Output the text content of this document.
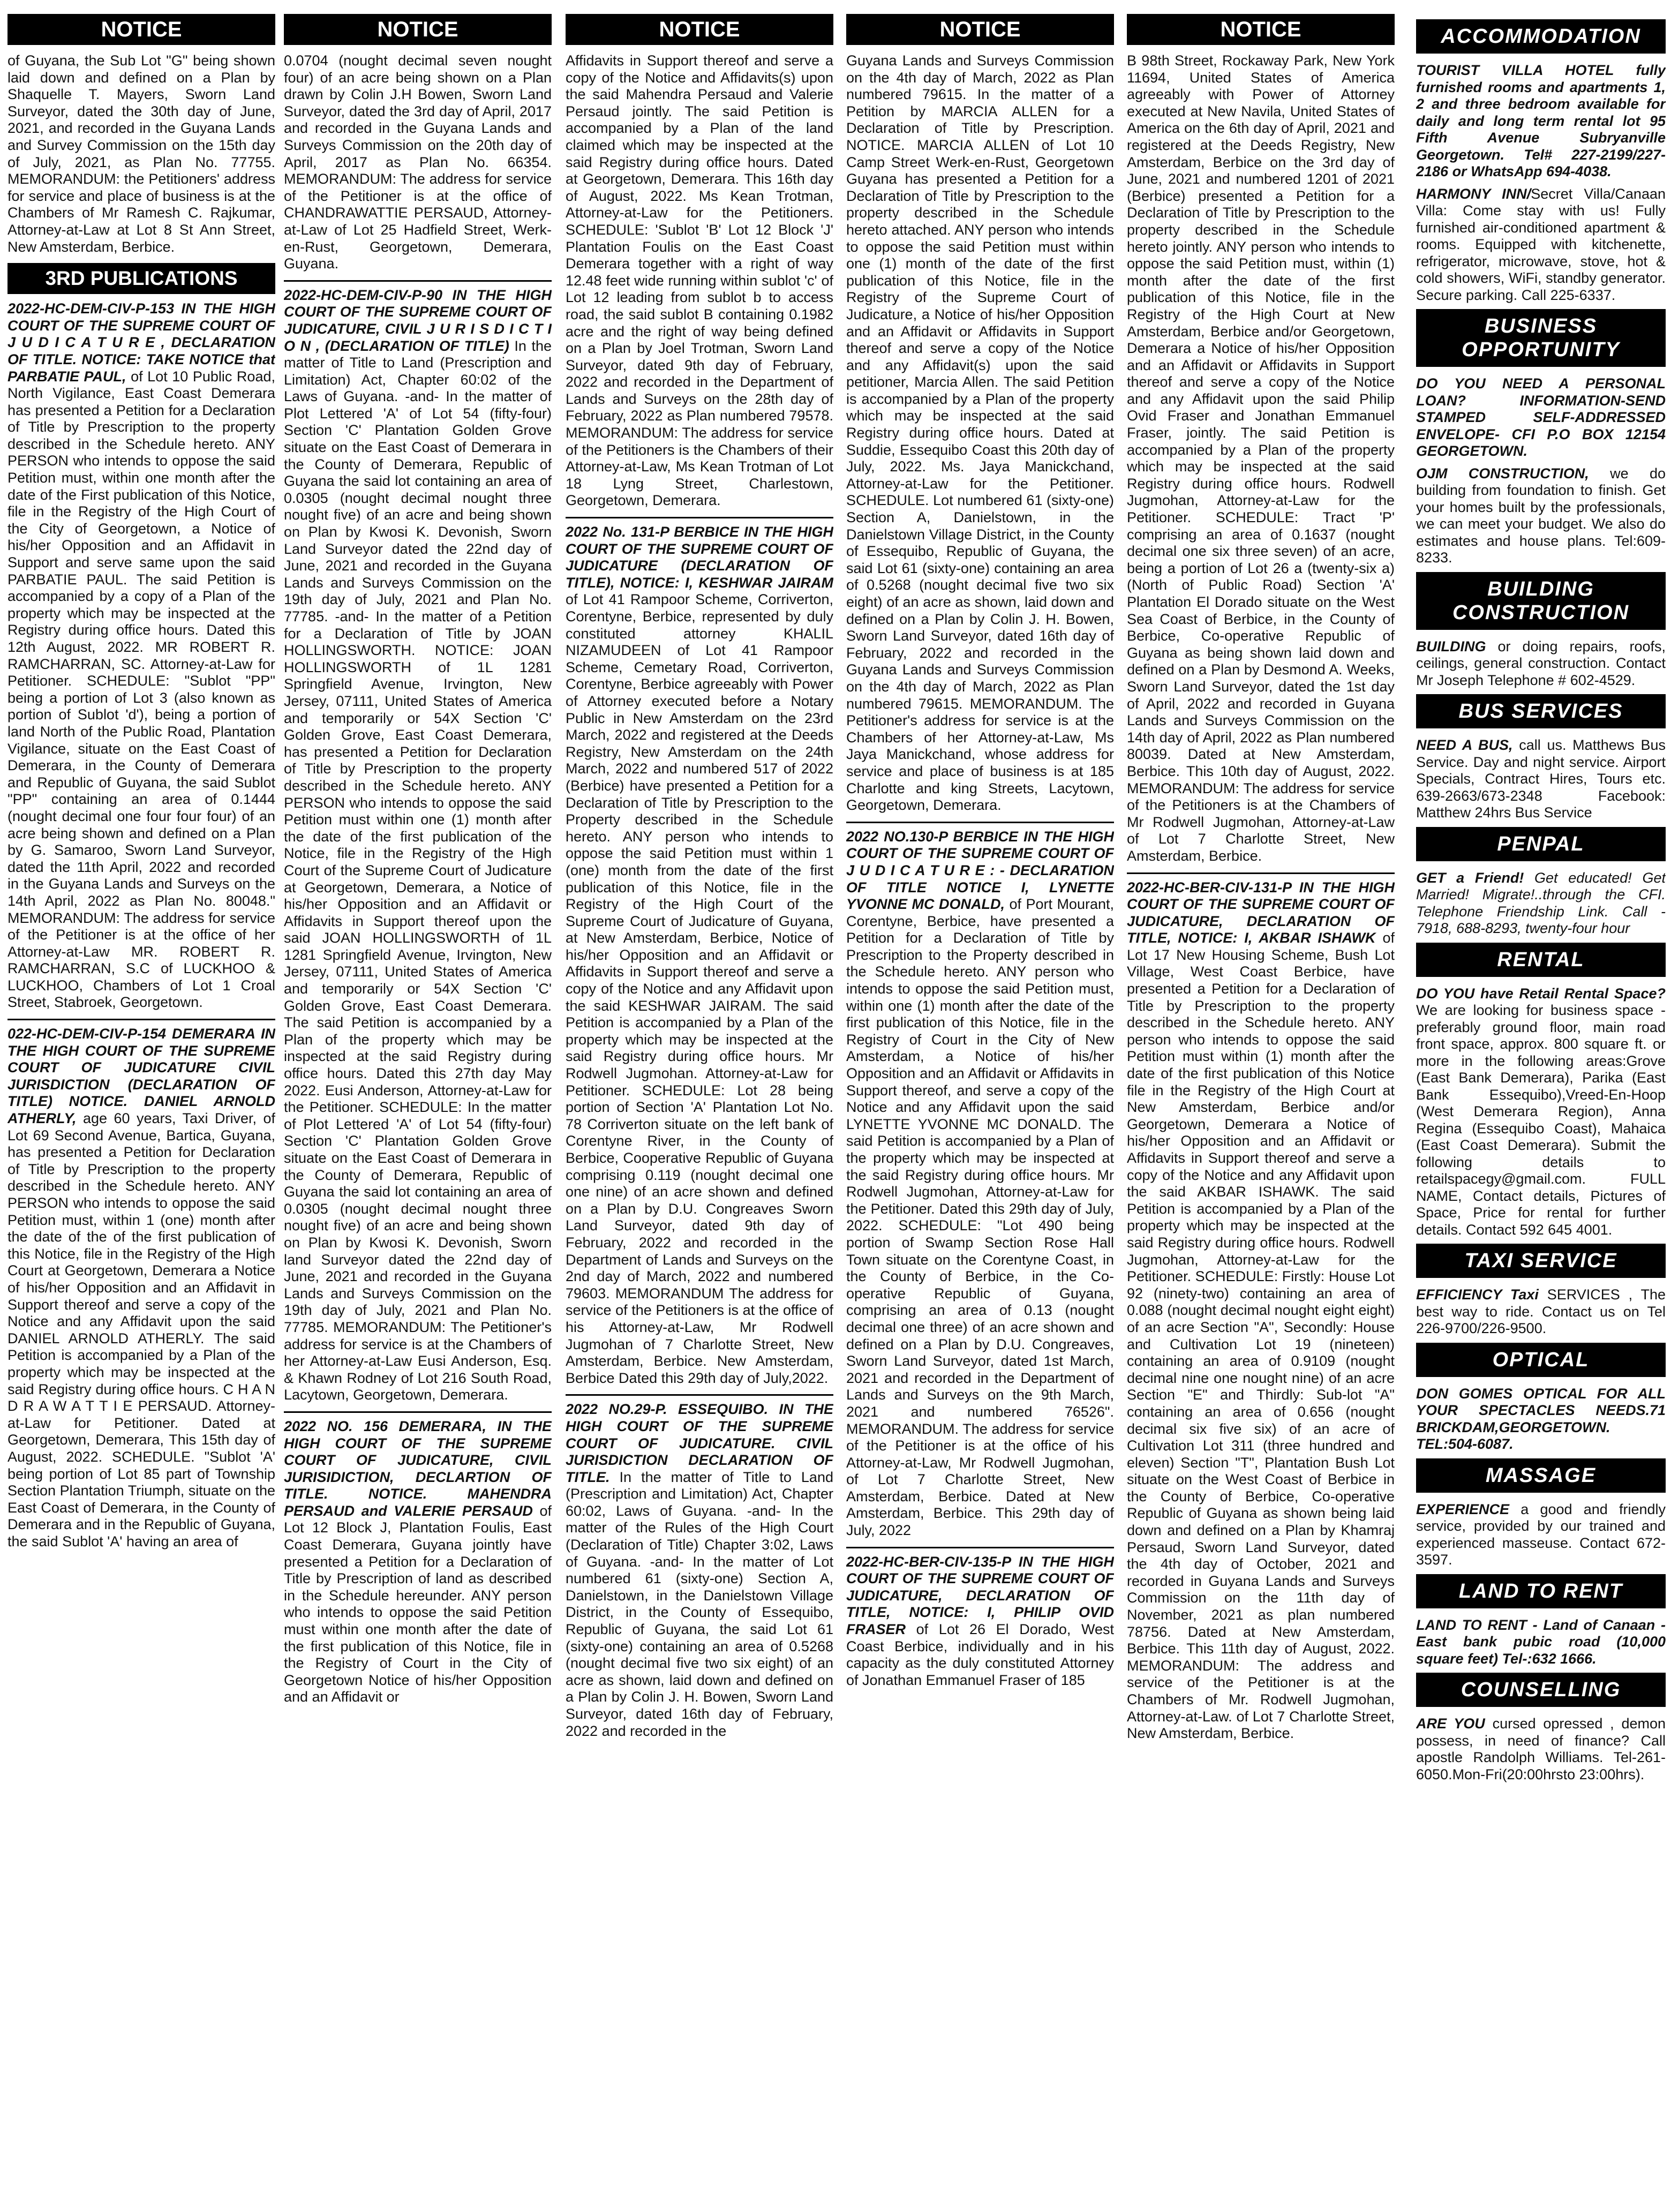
NOTICE

of Guyana, the Sub Lot "G" being shown laid down and defined on a Plan by Shaquelle T. Mayers, Sworn Land Surveyor, dated the 30th day of June, 2021, and recorded in the Guyana Lands and Survey Commission on the 15th day of July, 2021, as Plan No. 77755. MEMORANDUM: the Petitioners' address for service and place of business is at the Chambers of Mr Ramesh C. Rajkumar, Attorney-at-Law at Lot 8 St Ann Street, New Amsterdam, Berbice.

3RD PUBLICATIONS

2022-HC-DEM-CIV-P-153 IN THE HIGH COURT OF THE SUPREME COURT OF J U D I C A T U R E , DECLARATION OF TITLE. NOTICE: TAKE NOTICE that PARBATIE PAUL, of Lot 10 Public Road, North Vigilance, East Coast Demerara has presented a Petition for a Declaration of Title by Prescription to the property described in the Schedule hereto. ANY PERSON who intends to oppose the said Petition must, within one month after the date of the First publication of this Notice, file in the Registry of the High Court of the City of Georgetown, a Notice of his/her Opposition and an Affidavit in Support and serve same upon the said PARBATIE PAUL. The said Petition is accompanied by a copy of a Plan of the property which may be inspected at the Registry during office hours. Dated this 12th August, 2022. MR ROBERT R. RAMCHARRAN, SC. Attorney-at-Law for Petitioner. SCHEDULE: "Sublot "PP" being a portion of Lot 3 (also known as portion of Sublot 'd'), being a portion of land North of the Public Road, Plantation Vigilance, situate on the East Coast of Demerara, in the County of Demerara and Republic of Guyana, the said Sublot "PP" containing an area of 0.1444 (nought decimal one four four four) of an acre being shown and defined on a Plan by G. Samaroo, Sworn Land Surveyor, dated the 11th April, 2022 and recorded in the Guyana Lands and Surveys on the 14th April, 2022 as Plan No. 80048." MEMORANDUM: The address for service of the Petitioner is at the office of her Attorney-at-Law MR. ROBERT R. RAMCHARRAN, S.C of LUCKHOO & LUCKHOO, Chambers of Lot 1 Croal Street, Stabroek, Georgetown.

022-HC-DEM-CIV-P-154 DEMERARA IN THE HIGH COURT OF THE SUPREME COURT OF JUDICATURE CIVIL JURISDICTION (DECLARATION OF TITLE) NOTICE. DANIEL ARNOLD ATHERLY, age 60 years, Taxi Driver, of Lot 69 Second Avenue, Bartica, Guyana, has presented a Petition for Declaration of Title by Prescription to the property described in the Schedule hereto. ANY PERSON who intends to oppose the said Petition must, within 1 (one) month after the date of the of the first publication of this Notice, file in the Registry of the High Court at Georgetown, Demerara a Notice of his/her Opposition and an Affidavit in Support thereof and serve a copy of the Notice and any Affidavit upon the said DANIEL ARNOLD ATHERLY. The said Petition is accompanied by a Plan of the property which may be inspected at the said Registry during office hours. C H A N D R A W A T T I E PERSAUD. Attorney-at-Law for Petitioner. Dated at Georgetown, Demerara, This 15th day of August, 2022. SCHEDULE. "Sublot 'A' being portion of Lot 85 part of Township Section Plantation Triumph, situate on the East Coast of Demerara, in the County of Demerara and in the Republic of Guyana, the said Sublot 'A' having an area of

NOTICE

0.0704 (nought decimal seven nought four) of an acre being shown on a Plan drawn by Colin J.H Bowen, Sworn Land Surveyor, dated the 3rd day of April, 2017 and recorded in the Guyana Lands and Surveys Commission on the 20th day of April, 2017 as Plan No. 66354. MEMORANDUM: The address for service of the Petitioner is at the office of CHANDRAWATTIE PERSAUD, Attorney-at-Law of Lot 25 Hadfield Street, Werk-en-Rust, Georgetown, Demerara, Guyana.

2022-HC-DEM-CIV-P-90 IN THE HIGH COURT OF THE SUPREME COURT OF JUDICATURE, CIVIL J U R I S D I C T I O N , (DECLARATION OF TITLE) In the matter of Title to Land (Prescription and Limitation) Act, Chapter 60:02 of the Laws of Guyana. -and- In the matter of Plot Lettered 'A' of Lot 54 (fifty-four) Section 'C' Plantation Golden Grove situate on the East Coast of Demerara in the County of Demerara, Republic of Guyana the said lot containing an area of 0.0305 (nought decimal nought three nought five) of an acre and being shown on Plan by Kwosi K. Devonish, Sworn Land Surveyor dated the 22nd day of June, 2021 and recorded in the Guyana Lands and Surveys Commission on the 19th day of July, 2021 and Plan No. 77785. -and- In the matter of a Petition for a Declaration of Title by JOAN HOLLINGSWORTH. NOTICE: JOAN HOLLINGSWORTH of 1L 1281 Springfield Avenue, Irvington, New Jersey, 07111, United States of America and temporarily or 54X Section 'C' Golden Grove, East Coast Demerara, has presented a Petition for Declaration of Title by Prescription to the property described in the Schedule hereto. ANY PERSON who intends to oppose the said Petition must within one (1) month after the date of the first publication of the Notice, file in the Registry of the High Court of the Supreme Court of Judicature at Georgetown, Demerara, a Notice of his/her Opposition and an Affidavit or Affidavits in Support thereof upon the said JOAN HOLLINGSWORTH of 1L 1281 Springfield Avenue, Irvington, New Jersey, 07111, United States of America and temporarily or 54X Section 'C' Golden Grove, East Coast Demerara. The said Petition is accompanied by a Plan of the property which may be inspected at the said Registry during office hours. Dated this 27th day May 2022. Eusi Anderson, Attorney-at-Law for the Petitioner. SCHEDULE: In the matter of Plot Lettered 'A' of Lot 54 (fifty-four) Section 'C' Plantation Golden Grove situate on the East Coast of Demerara in the County of Demerara, Republic of Guyana the said lot containing an area of 0.0305 (nought decimal nought three nought five) of an acre and being shown on Plan by Kwosi K. Devonish, Sworn land Surveyor dated the 22nd day of June, 2021 and recorded in the Guyana Lands and Surveys Commission on the 19th day of July, 2021 and Plan No. 77785. MEMORANDUM: The Petitioner's address for service is at the Chambers of her Attorney-at-Law Eusi Anderson, Esq. & Khawn Rodney of Lot 216 South Road, Lacytown, Georgetown, Demerara.

2022 NO. 156 DEMERARA, IN THE HIGH COURT OF THE SUPREME COURT OF JUDICATURE, CIVIL JURISIDICTION, DECLARTION OF TITLE. NOTICE. MAHENDRA PERSAUD and VALERIE PERSAUD of Lot 12 Block J, Plantation Foulis, East Coast Demerara, Guyana jointly have presented a Petition for a Declaration of Title by Prescription of land as described in the Schedule hereunder. ANY person who intends to oppose the said Petition must within one month after the date of the first publication of this Notice, file in the Registry of Court in the City of Georgetown Notice of his/her Opposition and an Affidavit or

NOTICE

Affidavits in Support thereof and serve a copy of the Notice and Affidavits(s) upon the said Mahendra Persaud and Valerie Persaud jointly. The said Petition is accompanied by a Plan of the land claimed which may be inspected at the said Registry during office hours. Dated at Georgetown, Demerara. This 16th day of August, 2022. Ms Kean Trotman, Attorney-at-Law for the Petitioners. SCHEDULE: 'Sublot 'B' Lot 12 Block 'J' Plantation Foulis on the East Coast Demerara together with a right of way 12.48 feet wide running within sublot 'c' of Lot 12 leading from sublot b to access road, the said sublot B containing 0.1982 acre and the right of way being defined on a Plan by Joel Trotman, Sworn Land Surveyor, dated 9th day of February, 2022 and recorded in the Department of Lands and Surveys on the 28th day of February, 2022 as Plan numbered 79578. MEMORANDUM: The address for service of the Petitioners is the Chambers of their Attorney-at-Law, Ms Kean Trotman of Lot 18 Lyng Street, Charlestown, Georgetown, Demerara.

2022 No. 131-P BERBICE IN THE HIGH COURT OF THE SUPREME COURT OF JUDICATURE (DECLARATION OF TITLE), NOTICE: I, KESHWAR JAIRAM of Lot 41 Rampoor Scheme, Corriverton, Corentyne, Berbice, represented by duly constituted attorney KHALIL NIZAMUDEEN of Lot 41 Rampoor Scheme, Cemetary Road, Corriverton, Corentyne, Berbice agreeably with Power of Attorney executed before a Notary Public in New Amsterdam on the 23rd March, 2022 and registered at the Deeds Registry, New Amsterdam on the 24th March, 2022 and numbered 517 of 2022 (Berbice) have presented a Petition for a Declaration of Title by Prescription to the Property described in the Schedule hereto. ANY person who intends to oppose the said Petition must within 1 (one) month from the date of the first publication of this Notice, file in the Registry of the High Court of the Supreme Court of Judicature of Guyana, at New Amsterdam, Berbice, Notice of his/her Opposition and an Affidavit or Affidavits in Support thereof and serve a copy of the Notice and any Affidavit upon the said KESHWAR JAIRAM. The said Petition is accompanied by a Plan of the property which may be inspected at the said Registry during office hours. Mr Rodwell Jugmohan. Attorney-at-Law for Petitioner. SCHEDULE: Lot 28 being portion of Section 'A' Plantation Lot No. 78 Corriverton situate on the left bank of Corentyne River, in the County of Berbice, Cooperative Republic of Guyana comprising 0.119 (nought decimal one one nine) of an acre shown and defined on a Plan by D.U. Congreaves Sworn Land Surveyor, dated 9th day of February, 2022 and recorded in the Department of Lands and Surveys on the 2nd day of March, 2022 and numbered 79603. MEMORANDUM The address for service of the Petitioners is at the office of his Attorney-at-Law, Mr Rodwell Jugmohan of 7 Charlotte Street, New Amsterdam, Berbice. New Amsterdam, Berbice Dated this 29th day of July,2022.

2022 NO.29-P. ESSEQUIBO. IN THE HIGH COURT OF THE SUPREME COURT OF JUDICATURE. CIVIL JURISDICTION DECLARATION OF TITLE. In the matter of Title to Land (Prescription and Limitation) Act, Chapter 60:02, Laws of Guyana. -and- In the matter of the Rules of the High Court (Declaration of Title) Chapter 3:02, Laws of Guyana. -and- In the matter of Lot numbered 61 (sixty-one) Section A, Danielstown, in the Danielstown Village District, in the County of Essequibo, Republic of Guyana, the said Lot 61 (sixty-one) containing an area of 0.5268 (nought decimal five two six eight) of an acre as shown, laid down and defined on a Plan by Colin J. H. Bowen, Sworn Land Surveyor, dated 16th day of February, 2022 and recorded in the

NOTICE

Guyana Lands and Surveys Commission on the 4th day of March, 2022 as Plan numbered 79615. In the matter of a Petition by MARCIA ALLEN for a Declaration of Title by Prescription. NOTICE. MARCIA ALLEN of Lot 10 Camp Street Werk-en-Rust, Georgetown Guyana has presented a Petition for a Declaration of Title by Prescription to the property described in the Schedule hereto attached. ANY person who intends to oppose the said Petition must within one (1) month of the date of the first publication of this Notice, file in the Registry of the Supreme Court of Judicature, a Notice of his/her Opposition and an Affidavit or Affidavits in Support thereof and serve a copy of the Notice and any Affidavit(s) upon the said petitioner, Marcia Allen. The said Petition is accompanied by a Plan of the property which may be inspected at the said Registry during office hours. Dated at Suddie, Essequibo Coast this 20th day of July, 2022. Ms. Jaya Manickchand, Attorney-at-Law for the Petitioner. SCHEDULE. Lot numbered 61 (sixty-one) Section A, Danielstown, in the Danielstown Village District, in the County of Essequibo, Republic of Guyana, the said Lot 61 (sixty-one) containing an area of 0.5268 (nought decimal five two six eight) of an acre as shown, laid down and defined on a Plan by Colin J. H. Bowen, Sworn Land Surveyor, dated 16th day of February, 2022 and recorded in the Guyana Lands and Surveys Commission on the 4th day of March, 2022 as Plan numbered 79615. MEMORANDUM. The Petitioner's address for service is at the Chambers of her Attorney-at-Law, Ms Jaya Manickchand, whose address for service and place of business is at 185 Charlotte and king Streets, Lacytown, Georgetown, Demerara.

2022 NO.130-P BERBICE IN THE HIGH COURT OF THE SUPREME COURT OF J U D I C A T U R E : - DECLARATION OF TITLE NOTICE I, LYNETTE YVONNE MC DONALD, of Port Mourant, Corentyne, Berbice, have presented a Petition for a Declaration of Title by Prescription to the Property described in the Schedule hereto. ANY person who intends to oppose the said Petition must, within one (1) month after the date of the first publication of this Notice, file in the Registry of Court in the City of New Amsterdam, a Notice of his/her Opposition and an Affidavit or Affidavits in Support thereof, and serve a copy of the Notice and any Affidavit upon the said LYNETTE YVONNE MC DONALD. The said Petition is accompanied by a Plan of the property which may be inspected at the said Registry during office hours. Mr Rodwell Jugmohan, Attorney-at-Law for the Petitioner. Dated this 29th day of July, 2022. SCHEDULE: "Lot 490 being portion of Swamp Section Rose Hall Town situate on the Corentyne Coast, in the County of Berbice, in the Co-operative Republic of Guyana, comprising an area of 0.13 (nought decimal one three) of an acre shown and defined on a Plan by D.U. Congreaves, Sworn Land Surveyor, dated 1st March, 2021 and recorded in the Department of Lands and Surveys on the 9th March, 2021 and numbered 76526". MEMORANDUM. The address for service of the Petitioner is at the office of his Attorney-at-Law, Mr Rodwell Jugmohan, of Lot 7 Charlotte Street, New Amsterdam, Berbice. Dated at New Amsterdam, Berbice. This 29th day of July, 2022

2022-HC-BER-CIV-135-P IN THE HIGH COURT OF THE SUPREME COURT OF JUDICATURE, DECLARATION OF TITLE, NOTICE: I, PHILIP OVID FRASER of Lot 26 El Dorado, West Coast Berbice, individually and in his capacity as the duly constituted Attorney of Jonathan Emmanuel Fraser of 185

NOTICE

B 98th Street, Rockaway Park, New York 11694, United States of America agreeably with Power of Attorney executed at New Navila, United States of America on the 6th day of April, 2021 and registered at the Deeds Registry, New Amsterdam, Berbice on the 3rd day of June, 2021 and numbered 1201 of 2021 (Berbice) presented a Petition for a Declaration of Title by Prescription to the property described in the Schedule hereto jointly. ANY person who intends to oppose the said Petition must, within (1) month after the date of the first publication of this Notice, file in the Registry of the High Court at New Amsterdam, Berbice and/or Georgetown, Demerara a Notice of his/her Opposition and an Affidavit or Affidavits in Support thereof and serve a copy of the Notice and any Affidavit upon the said Philip Ovid Fraser and Jonathan Emmanuel Fraser, jointly. The said Petition is accompanied by a Plan of the property which may be inspected at the said Registry during office hours. Rodwell Jugmohan, Attorney-at-Law for the Petitioner. SCHEDULE: Tract 'P' comprising an area of 0.1637 (nought decimal one six three seven) of an acre, being a portion of Lot 26 a (twenty-six a) (North of Public Road) Section 'A' Plantation El Dorado situate on the West Sea Coast of Berbice, in the County of Berbice, Co-operative Republic of Guyana as being shown laid down and defined on a Plan by Desmond A. Weeks, Sworn Land Surveyor, dated the 1st day of April, 2022 and recorded in Guyana Lands and Surveys Commission on the 14th day of April, 2022 as Plan numbered 80039. Dated at New Amsterdam, Berbice. This 10th day of August, 2022. MEMORANDUM: The address for service of the Petitioners is at the Chambers of Mr Rodwell Jugmohan, Attorney-at-Law of Lot 7 Charlotte Street, New Amsterdam, Berbice.

2022-HC-BER-CIV-131-P IN THE HIGH COURT OF THE SUPREME COURT OF JUDICATURE, DECLARATION OF TITLE, NOTICE: I, AKBAR ISHAWK of Lot 17 New Housing Scheme, Bush Lot Village, West Coast Berbice, have presented a Petition for a Declaration of Title by Prescription to the property described in the Schedule hereto. ANY person who intends to oppose the said Petition must within (1) month after the date of the first publication of this Notice file in the Registry of the High Court at New Amsterdam, Berbice and/or Georgetown, Demerara a Notice of his/her Opposition and an Affidavit or Affidavits in Support thereof and serve a copy of the Notice and any Affidavit upon the said AKBAR ISHAWK. The said Petition is accompanied by a Plan of the property which may be inspected at the said Registry during office hours. Rodwell Jugmohan, Attorney-at-Law for the Petitioner. SCHEDULE: Firstly: House Lot 92 (ninety-two) containing an area of 0.088 (nought decimal nought eight eight) of an acre Section "A", Secondly: House and Cultivation Lot 19 (nineteen) containing an area of 0.9109 (nought decimal nine one nought nine) of an acre Section "E" and Thirdly: Sub-lot "A" containing an area of 0.656 (nought decimal six five six) of an acre of Cultivation Lot 311 (three hundred and eleven) Section "T", Plantation Bush Lot situate on the West Coast of Berbice in the County of Berbice, Co-operative Republic of Guyana as shown being laid down and defined on a Plan by Khamraj Persaud, Sworn Land Surveyor, dated the 4th day of October, 2021 and recorded in Guyana Lands and Surveys Commission on the 11th day of November, 2021 as plan numbered 78756. Dated at New Amsterdam, Berbice. This 11th day of August, 2022. MEMORANDUM: The address and service of the Petitioner is at the Chambers of Mr. Rodwell Jugmohan, Attorney-at-Law. of Lot 7 Charlotte Street, New Amsterdam, Berbice.

ACCOMMODATION

TOURIST VILLA HOTEL fully furnished rooms and apartments 1, 2 and three bedroom available for daily and long term rental lot 95 Fifth Avenue Subryanville Georgetown. Tel# 227-2199/227-2186 or WhatsApp 694-4038.

HARMONY INN/Secret Villa/Canaan Villa: Come stay with us! Fully furnished air-conditioned apartment & rooms. Equipped with kitchenette, refrigerator, microwave, stove, hot & cold showers, WiFi, standby generator. Secure parking. Call 225-6337.

BUSINESS OPPORTUNITY

DO YOU NEED A PERSONAL LOAN? INFORMATION-SEND STAMPED SELF-ADDRESSED ENVELOPE- CFI P.O BOX 12154 GEORGETOWN.

OJM CONSTRUCTION, we do building from foundation to finish. Get your homes built by the professionals, we can meet your budget. We also do estimates and house plans. Tel:609-8233.

BUILDING CONSTRUCTION

BUILDING or doing repairs, roofs, ceilings, general construction. Contact Mr Joseph Telephone # 602-4529.

BUS SERVICES

NEED A BUS, call us. Matthews Bus Service. Day and night service. Airport Specials, Contract Hires, Tours etc. 639-2663/673-2348 Facebook: Matthew 24hrs Bus Service

PENPAL

GET a Friend! Get educated! Get Married! Migrate!..through the CFI. Telephone Friendship Link. Call - 7918, 688-8293, twenty-four hour

RENTAL

DO YOU have Retail Rental Space? We are looking for business space - preferably ground floor, main road front space, approx. 800 square ft. or more in the following areas:Grove (East Bank Demerara), Parika (East Bank Essequibo),Vreed-En-Hoop (West Demerara Region), Anna Regina (Essequibo Coast), Mahaica (East Coast Demerara). Submit the following details to retailspacegy@gmail.com. FULL NAME, Contact details, Pictures of Space, Price for rental for further details. Contact 592 645 4001.

TAXI SERVICE

EFFICIENCY Taxi SERVICES , The best way to ride. Contact us on Tel 226-9700/226-9500.

OPTICAL

DON GOMES OPTICAL FOR ALL YOUR SPECTACLES NEEDS.71 BRICKDAM,GEORGETOWN. TEL:504-6087.

MASSAGE

EXPERIENCE a good and friendly service, provided by our trained and experienced masseuse. Contact 672-3597.

LAND TO RENT

LAND TO RENT - Land of Canaan - East bank pubic road (10,000 square feet) Tel-:632 1666.

COUNSELLING

ARE YOU cursed opressed , demon possess, in need of finance? Call apostle Randolph Williams. Tel-261-6050.Mon-Fri(20:00hrsto 23:00hrs).
